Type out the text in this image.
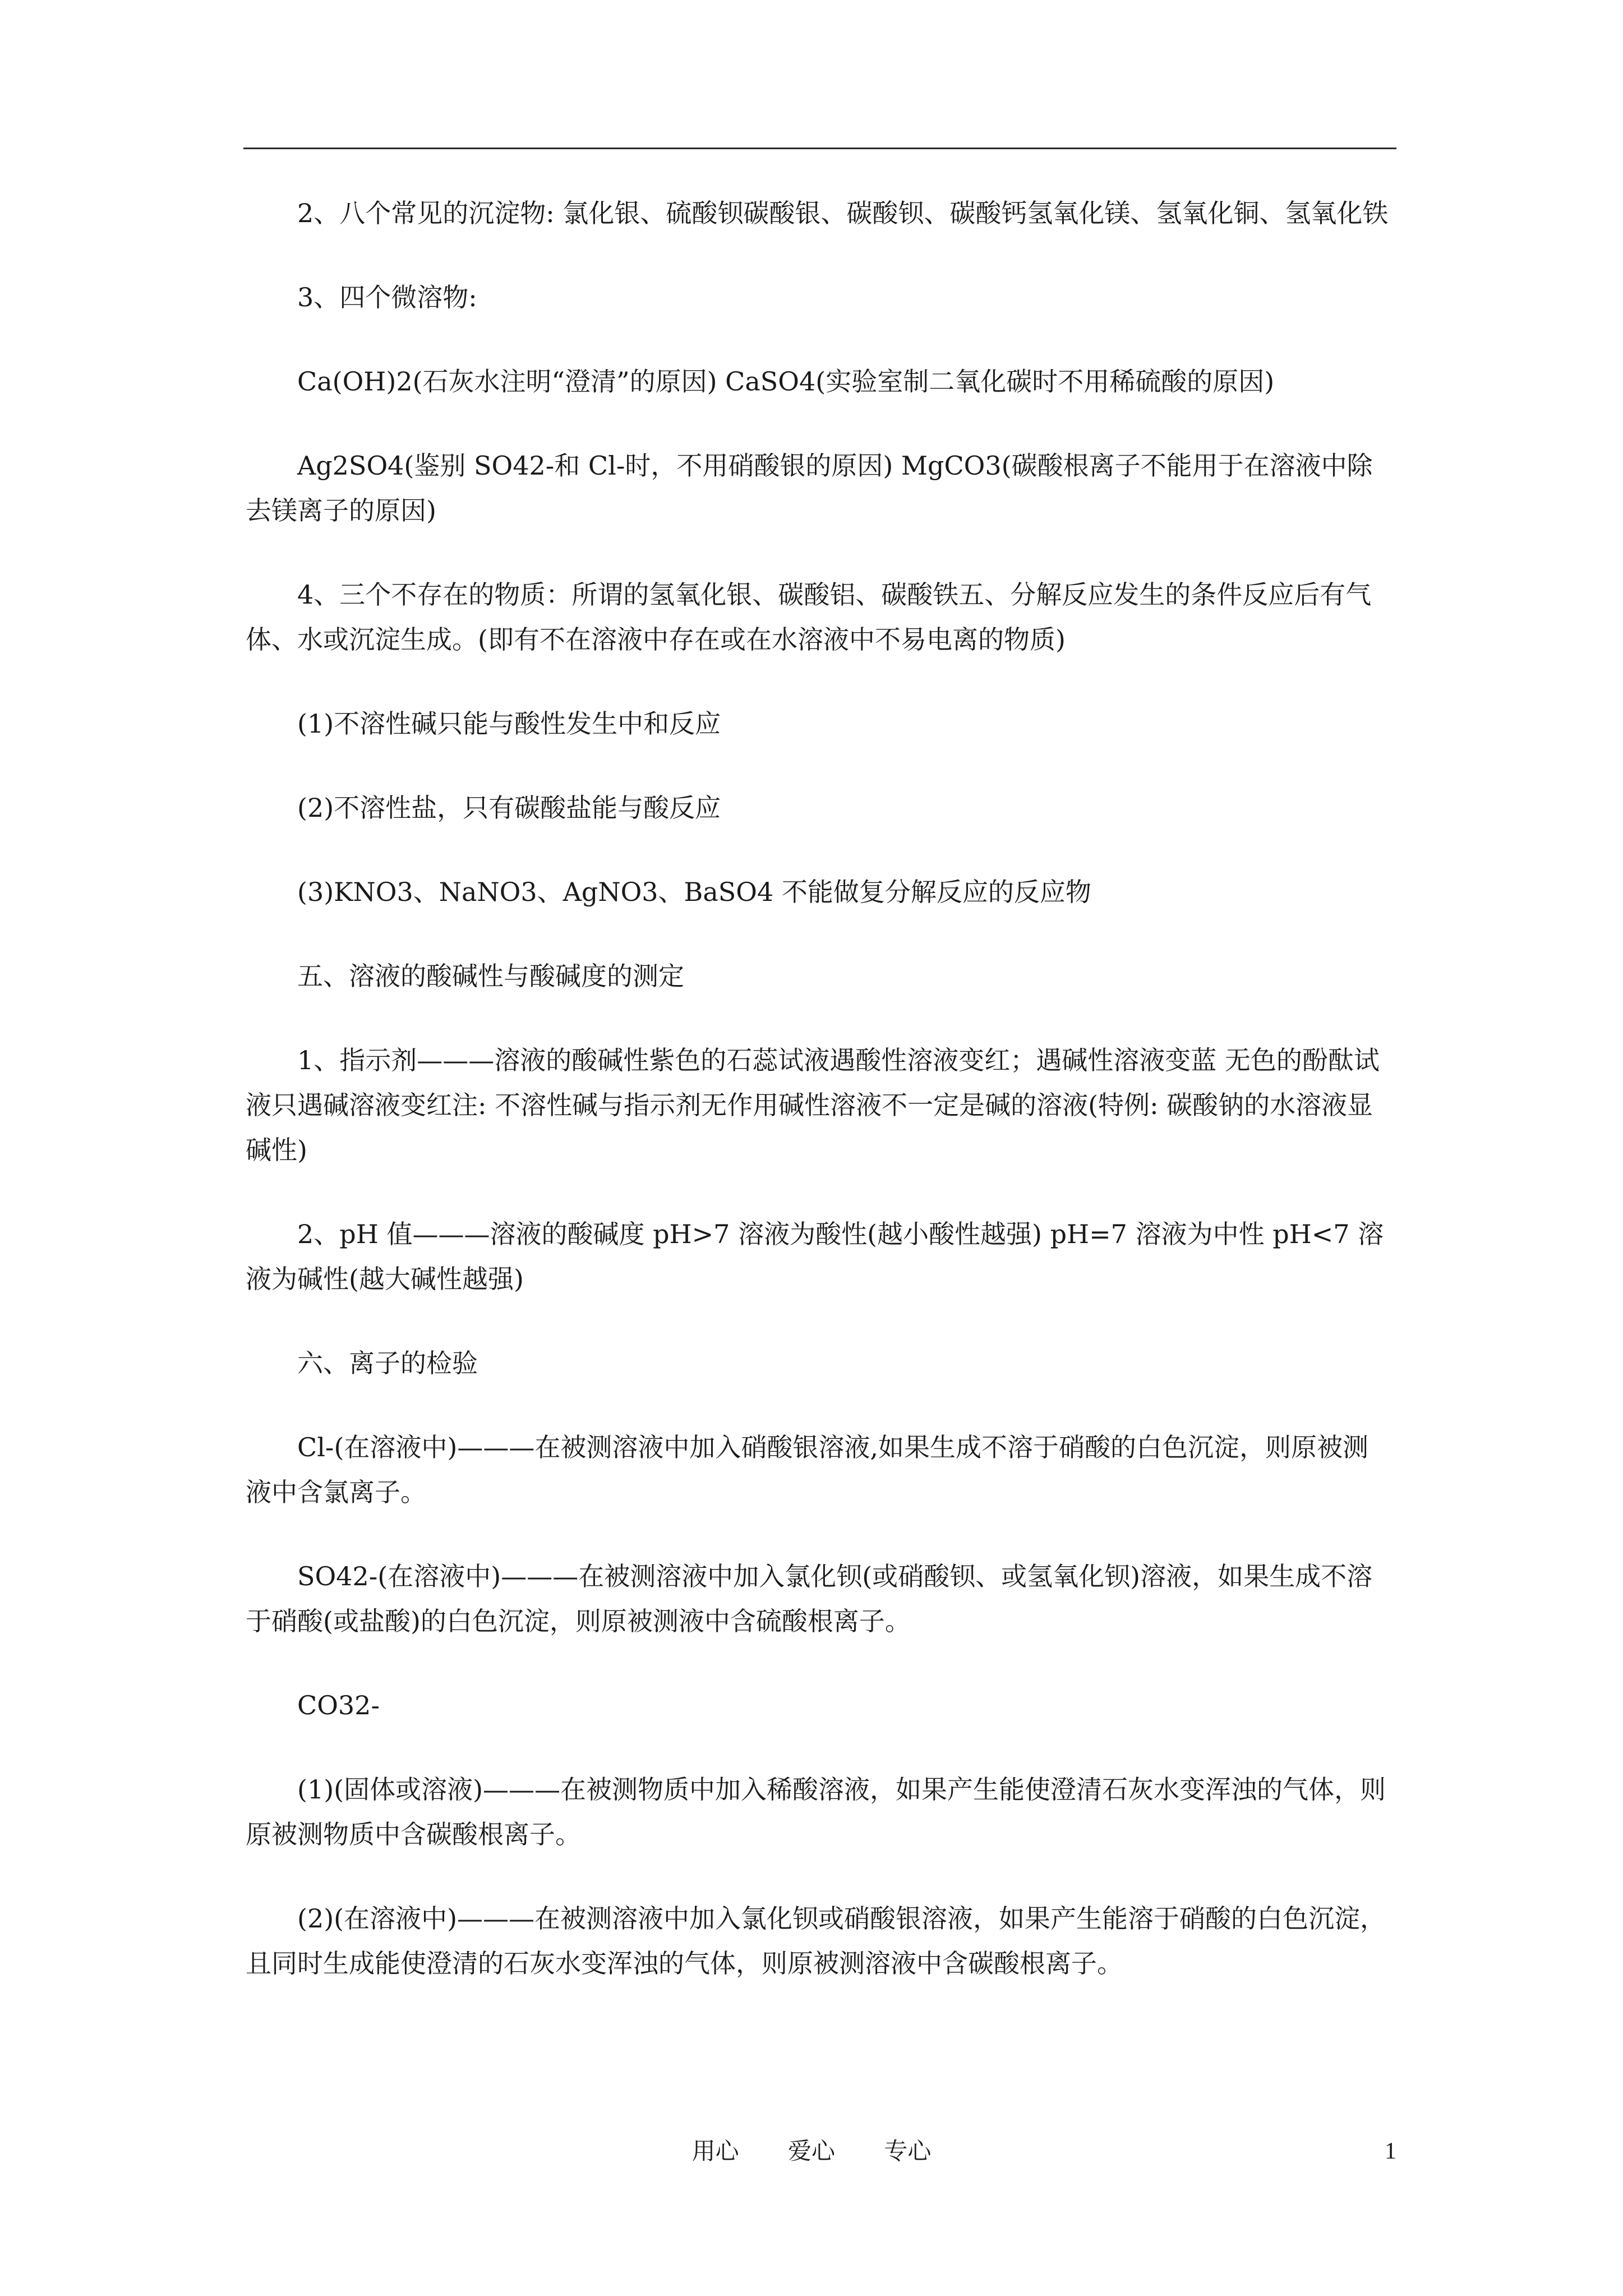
2、八个常见的沉淀物: 氯化银、硫酸钡碳酸银、碳酸钡、碳酸钙氢氧化镁、氢氧化铜、氢氧化铁

3、四个微溶物:

Ca(OH)2(石灰水注明“澄清”的原因) CaSO4(实验室制二氧化碳时不用稀硫酸的原因)

Ag2SO4(鉴别 SO42-和 Cl-时，不用硝酸银的原因) MgCO3(碳酸根离子不能用于在溶液中除去镁离子的原因)

4、三个不存在的物质：所谓的氢氧化银、碳酸铝、碳酸铁五、分解反应发生的条件反应后有气体、水或沉淀生成。(即有不在溶液中存在或在水溶液中不易电离的物质)

(1)不溶性碱只能与酸性发生中和反应

(2)不溶性盐，只有碳酸盐能与酸反应

(3)KNO3、NaNO3、AgNO3、BaSO4 不能做复分解反应的反应物

五、溶液的酸碱性与酸碱度的测定

1、指示剂———溶液的酸碱性紫色的石蕊试液遇酸性溶液变红；遇碱性溶液变蓝 无色的酚酞试液只遇碱溶液变红注: 不溶性碱与指示剂无作用碱性溶液不一定是碱的溶液(特例: 碳酸钠的水溶液显碱性)

2、pH 值———溶液的酸碱度 pH>7 溶液为酸性(越小酸性越强) pH=7 溶液为中性 pH<7 溶液为碱性(越大碱性越强)

六、离子的检验

Cl-(在溶液中)———在被测溶液中加入硝酸银溶液,如果生成不溶于硝酸的白色沉淀，则原被测液中含氯离子。

SO42-(在溶液中)———在被测溶液中加入氯化钡(或硝酸钡、或氢氧化钡)溶液，如果生成不溶于硝酸(或盐酸)的白色沉淀，则原被测液中含硫酸根离子。

CO32-

(1)(固体或溶液)———在被测物质中加入稀酸溶液，如果产生能使澄清石灰水变浑浊的气体，则原被测物质中含碳酸根离子。

(2)(在溶液中)———在被测溶液中加入氯化钡或硝酸银溶液，如果产生能溶于硝酸的白色沉淀，且同时生成能使澄清的石灰水变浑浊的气体，则原被测溶液中含碳酸根离子。

用心 爱心 专心	1
